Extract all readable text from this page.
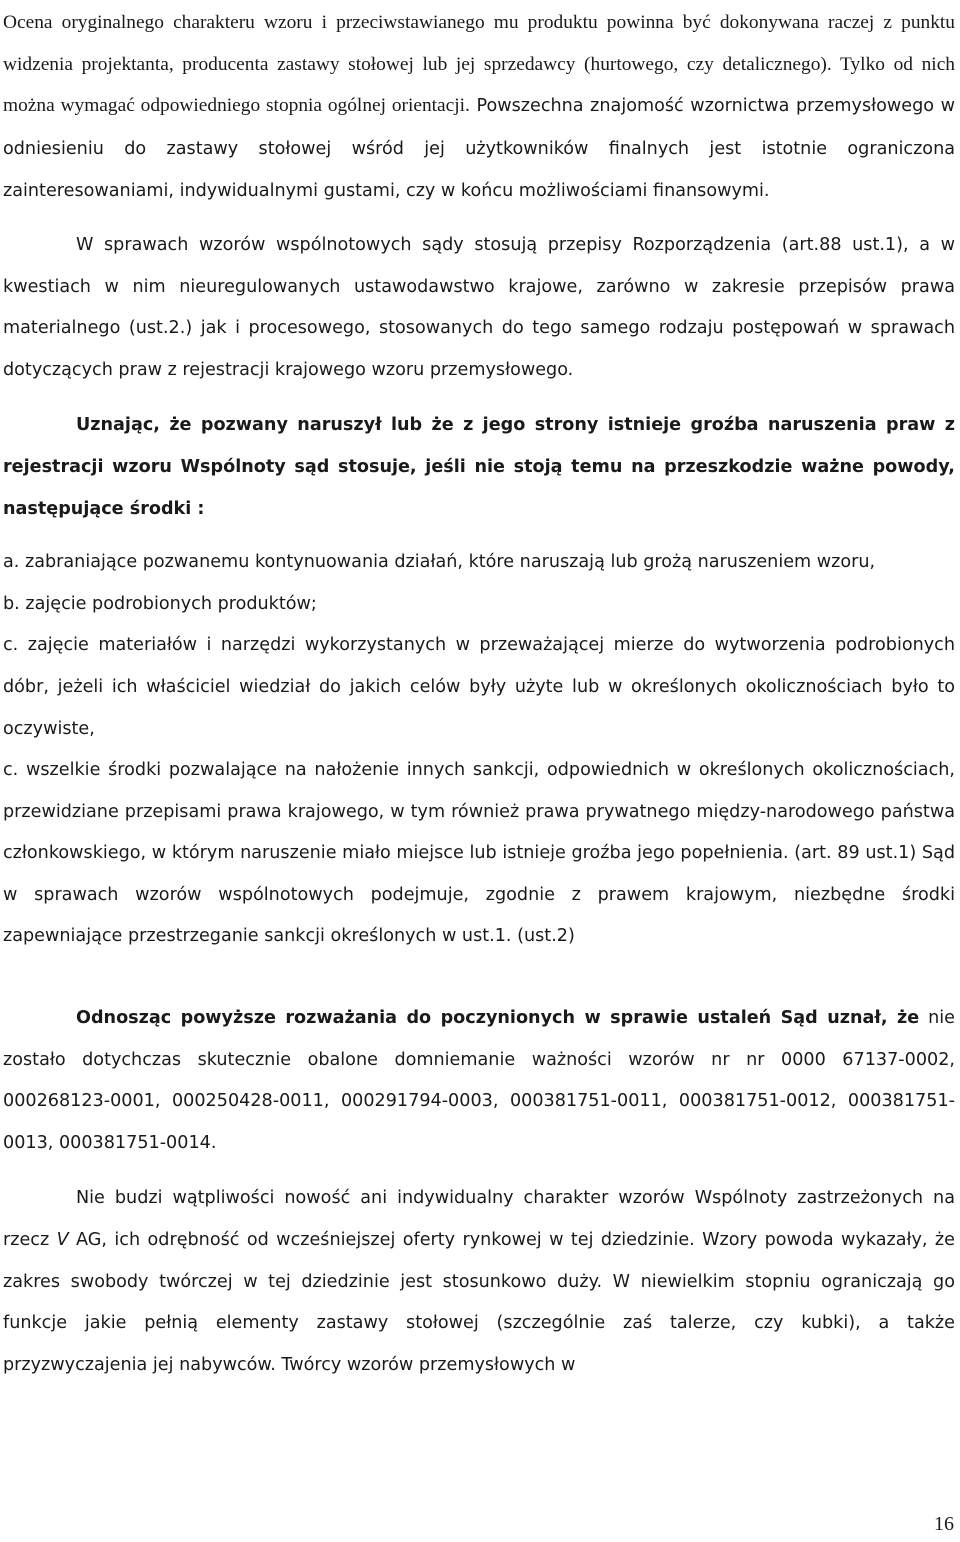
Ocena oryginalnego charakteru wzoru i przeciwstawianego mu produktu powinna być dokonywana raczej z punktu widzenia projektanta, producenta zastawy stołowej lub jej sprzedawcy (hurtowego, czy detalicznego). Tylko od nich można wymagać odpowiedniego stopnia ogólnej orientacji. Powszechna znajomość wzornictwa przemysłowego w odniesieniu do zastawy stołowej wśród jej użytkowników finalnych jest istotnie ograniczona zainteresowaniami, indywidualnymi gustami, czy w końcu możliwościami finansowymi.

W sprawach wzorów wspólnotowych sądy stosują przepisy Rozporządzenia (art.88 ust.1), a w kwestiach w nim nieuregulowanych ustawodawstwo krajowe, zarówno w zakresie przepisów prawa materialnego (ust.2.) jak i procesowego, stosowanych do tego samego rodzaju postępowań w sprawach dotyczących praw z rejestracji krajowego wzoru przemysłowego.

Uznając, że pozwany naruszył lub że z jego strony istnieje groźba naruszenia praw z rejestracji wzoru Wspólnoty sąd stosuje, jeśli nie stoją temu na przeszkodzie ważne powody, następujące środki :

a. zabraniające pozwanemu kontynuowania działań, które naruszają lub grożą naruszeniem wzoru,

b. zajęcie podrobionych produktów;

c. zajęcie materiałów i narzędzi wykorzystanych w przeważającej mierze do wytworzenia podrobionych dóbr, jeżeli ich właściciel wiedział do jakich celów były użyte lub w określonych okolicznościach było to oczywiste,

c. wszelkie środki pozwalające na nałożenie innych sankcji, odpowiednich w określonych okolicznościach, przewidziane przepisami prawa krajowego, w tym również prawa prywatnego między-narodowego państwa członkowskiego, w którym naruszenie miało miejsce lub istnieje groźba jego popełnienia. (art. 89 ust.1) Sąd w sprawach wzorów wspólnotowych podejmuje, zgodnie z prawem krajowym, niezbędne środki zapewniające przestrzeganie sankcji określonych w ust.1. (ust.2)

Odnosząc powyższe rozważania do poczynionych w sprawie ustaleń Sąd uznał, że nie zostało dotychczas skutecznie obalone domniemanie ważności wzorów nr nr 0000 67137-0002, 000268123-0001, 000250428-0011, 000291794-0003, 000381751-0011, 000381751-0012, 000381751-0013, 000381751-0014.

Nie budzi wątpliwości nowość ani indywidualny charakter wzorów Wspólnoty zastrzeżonych na rzecz V AG, ich odrębność od wcześniejszej oferty rynkowej w tej dziedzinie. Wzory powoda wykazały, że zakres swobody twórczej w tej dziedzinie jest stosunkowo duży. W niewielkim stopniu ograniczają go funkcje jakie pełnią elementy zastawy stołowej (szczególnie zaś talerze, czy kubki), a także przyzwyczajenia jej nabywców. Twórcy wzorów przemysłowych w

16
